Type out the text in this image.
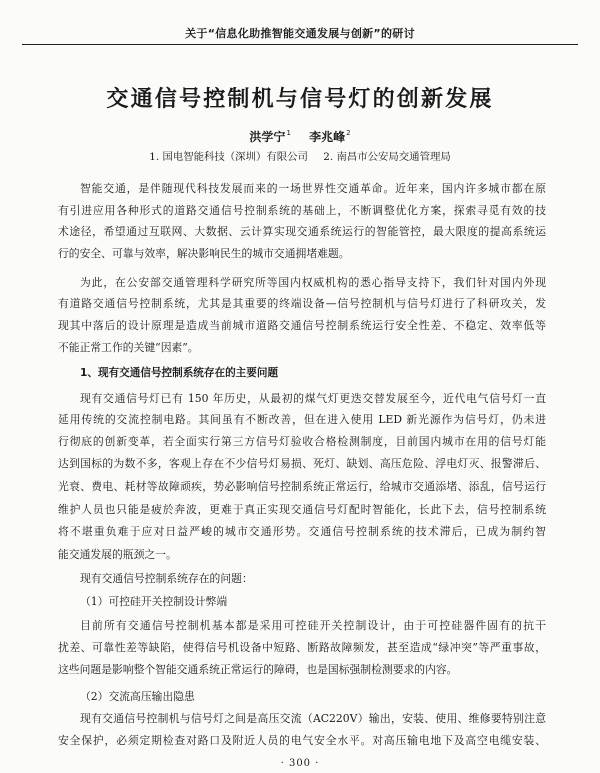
关于“信息化助推智能交通发展与创新”的研讨
交通信号控制机与信号灯的创新发展
洪学宁$^1$ 李兆峰$^2$
1. 国电智能科技（深圳）有限公司 2. 南昌市公安局交通管理局
智能交通，是伴随现代科技发展而来的一场世界性交通革命。近年来，国内许多城市都在原
有引进应用各种形式的道路交通信号控制系统的基础上，不断调整优化方案，探索寻觅有效的技
术途径，希望通过互联网、大数据、云计算实现交通系统运行的智能管控，最大限度的提高系统运
行的安全、可靠与效率，解决影响民生的城市交通拥堵难题。
为此，在公安部交通管理科学研究所等国内权威机构的悉心指导支持下，我们针对国内外现
有道路交通信号控制系统，尤其是其重要的终端设备—信号控制机与信号灯进行了科研攻关，发
现其中落后的设计原理是造成当前城市道路交通信号控制系统运行安全性差、不稳定、效率低等
不能正常工作的关键“因素”。
1、现有交通信号控制系统存在的主要问题
现有交通信号灯已有 150 年历史，从最初的煤气灯更迭交替发展至今，近代电气信号灯一直
延用传统的交流控制电路。其间虽有不断改善，但在进入使用 LED 新光源作为信号灯，仍未进
行彻底的创新变革，若全面实行第三方信号灯验收合格检测制度，目前国内城市在用的信号灯能
达到国标的为数不多，客观上存在不少信号灯易损、死灯、缺划、高压危险、浮电灯灭、报警滞后、
光衰、费电、耗材等故障顽疾，势必影响信号控制系统正常运行，给城市交通添堵、添乱，信号运行
维护人员也只能是疲於奔波，更难于真正实现交通信号灯配时智能化，长此下去，信号控制系统
将不堪重负难于应对日益严峻的城市交通形势。交通信号控制系统的技术滞后，已成为制约智
能交通发展的瓶颈之一。
现有交通信号控制系统存在的问题：
（1）可控硅开关控制设计弊端
目前所有交通信号控制机基本都是采用可控硅开关控制设计，由于可控硅器件固有的抗干
扰差、可靠性差等缺陷，使得信号机设备中短路、断路故障频发，甚至造成“绿冲突”等严重事故，
这些问题是影响整个智能交通系统正常运行的障碍，也是国标强制检测要求的内容。
（2）交流高压输出隐患
现有交通信号控制机与信号灯之间是高压交流（AC220V）输出，安装、使用、维修要特别注意
安全保护，必须定期检查对路口及附近人员的电气安全水平。对高压输电地下及高空电缆安装、
· 300 ·
